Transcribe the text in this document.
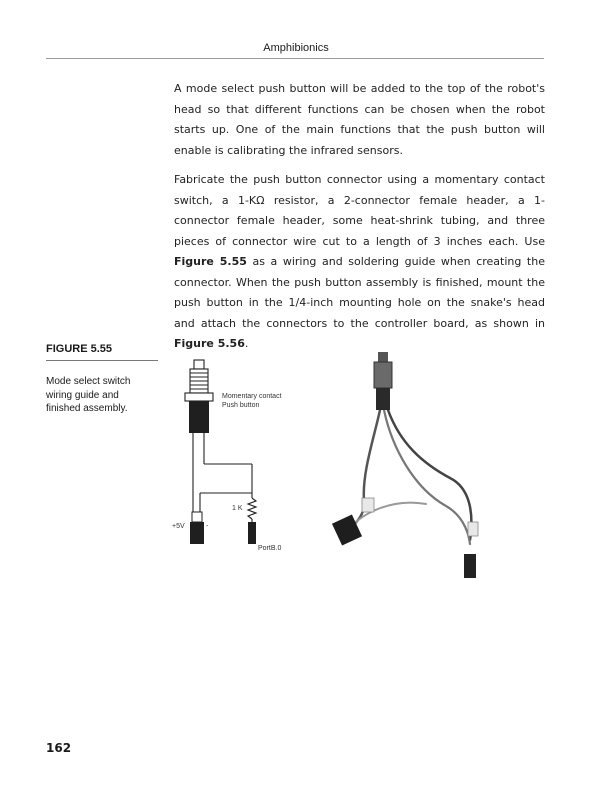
Amphibionics

A mode select push button will be added to the top of the robot's head so that different functions can be chosen when the robot starts up. One of the main functions that the push button will enable is calibrating the infrared sensors.

Fabricate the push button connector using a momentary contact switch, a 1-KΩ resistor, a 2-connector female header, a 1-connector female header, some heat-shrink tubing, and three pieces of connector wire cut to a length of 3 inches each. Use Figure 5.55 as a wiring and soldering guide when creating the connector. When the push button assembly is finished, mount the push button in the 1/4-inch mounting hole on the snake's head and attach the connectors to the controller board, as shown in Figure 5.56.

FIGURE 5.55
Mode select switch wiring guide and finished assembly.
Momentary contact
Push button
1 K
+5V	-
PortB.0
162
